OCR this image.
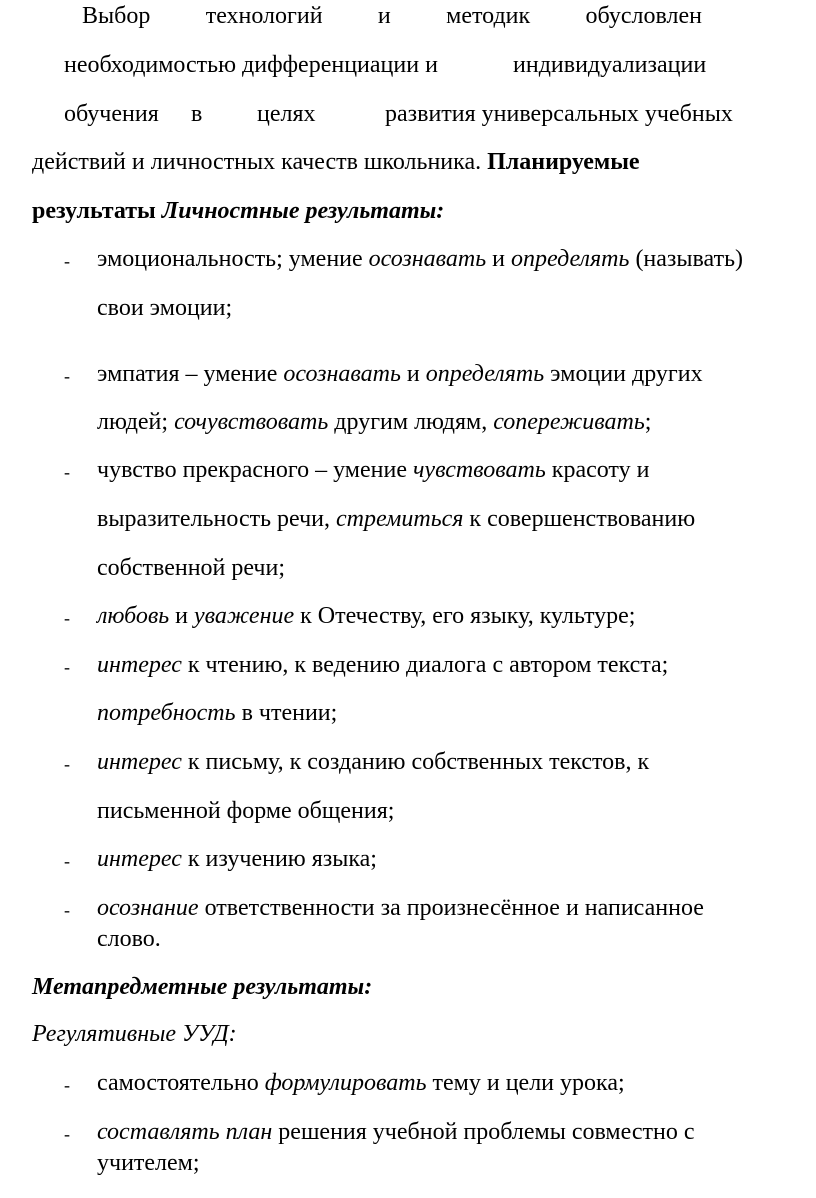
Выбор технологий и методик обусловлен
необходимостью дифференциации и	индивидуализации
обучения в целях	развития универсальных учебных
действий и личностных качеств школьника. Планируемые
результаты Личностные результаты:
- эмоциональность; умение осознавать и определять (называть)
свои эмоции;
- эмпатия – умение осознавать и определять эмоции других
людей; сочувствовать другим людям, сопереживать;
- чувство прекрасного – умение чувствовать красоту и
выразительность речи, стремиться к совершенствованию
собственной речи;
- любовь и уважение к Отечеству, его языку, культуре;
- интерес к чтению, к ведению диалога с автором текста;
потребность в чтении;
- интерес к письму, к созданию собственных текстов, к
письменной форме общения;
- интерес к изучению языка;
- осознание ответственности за произнесённое и написанное
слово.
Метапредметные результаты:
Регулятивные УУД:
- самостоятельно формулировать тему и цели урока;
- составлять план решения учебной проблемы совместно с
учителем;
